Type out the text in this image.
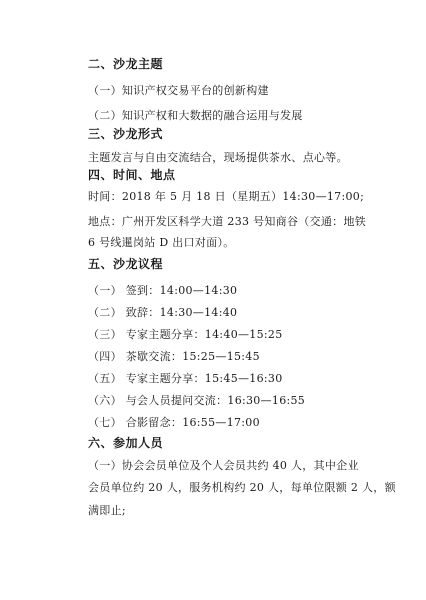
二、沙龙主题
（一）知识产权交易平台的创新构建
（二）知识产权和大数据的融合运用与发展
三、沙龙形式
主题发言与自由交流结合，现场提供茶水、点心等。
四、时间、地点
时间：2018 年 5 月 18 日（星期五）14:30—17:00;
地点：广州开发区科学大道 233 号知商谷（交通：地铁
6 号线暹岗站 D 出口对面）。
五、沙龙议程
（一） 签到：14:00—14:30
（二） 致辞：14:30—14:40
（三） 专家主题分享：14:40—15:25
（四） 茶歇交流：15:25—15:45
（五） 专家主题分享：15:45—16:30
（六） 与会人员提问交流：16:30—16:55
（七） 合影留念：16:55—17:00
六、参加人员
（一）协会会员单位及个人会员共约 40 人，其中企业
会员单位约 20 人，服务机构约 20 人，每单位限额 2 人，额
满即止;
